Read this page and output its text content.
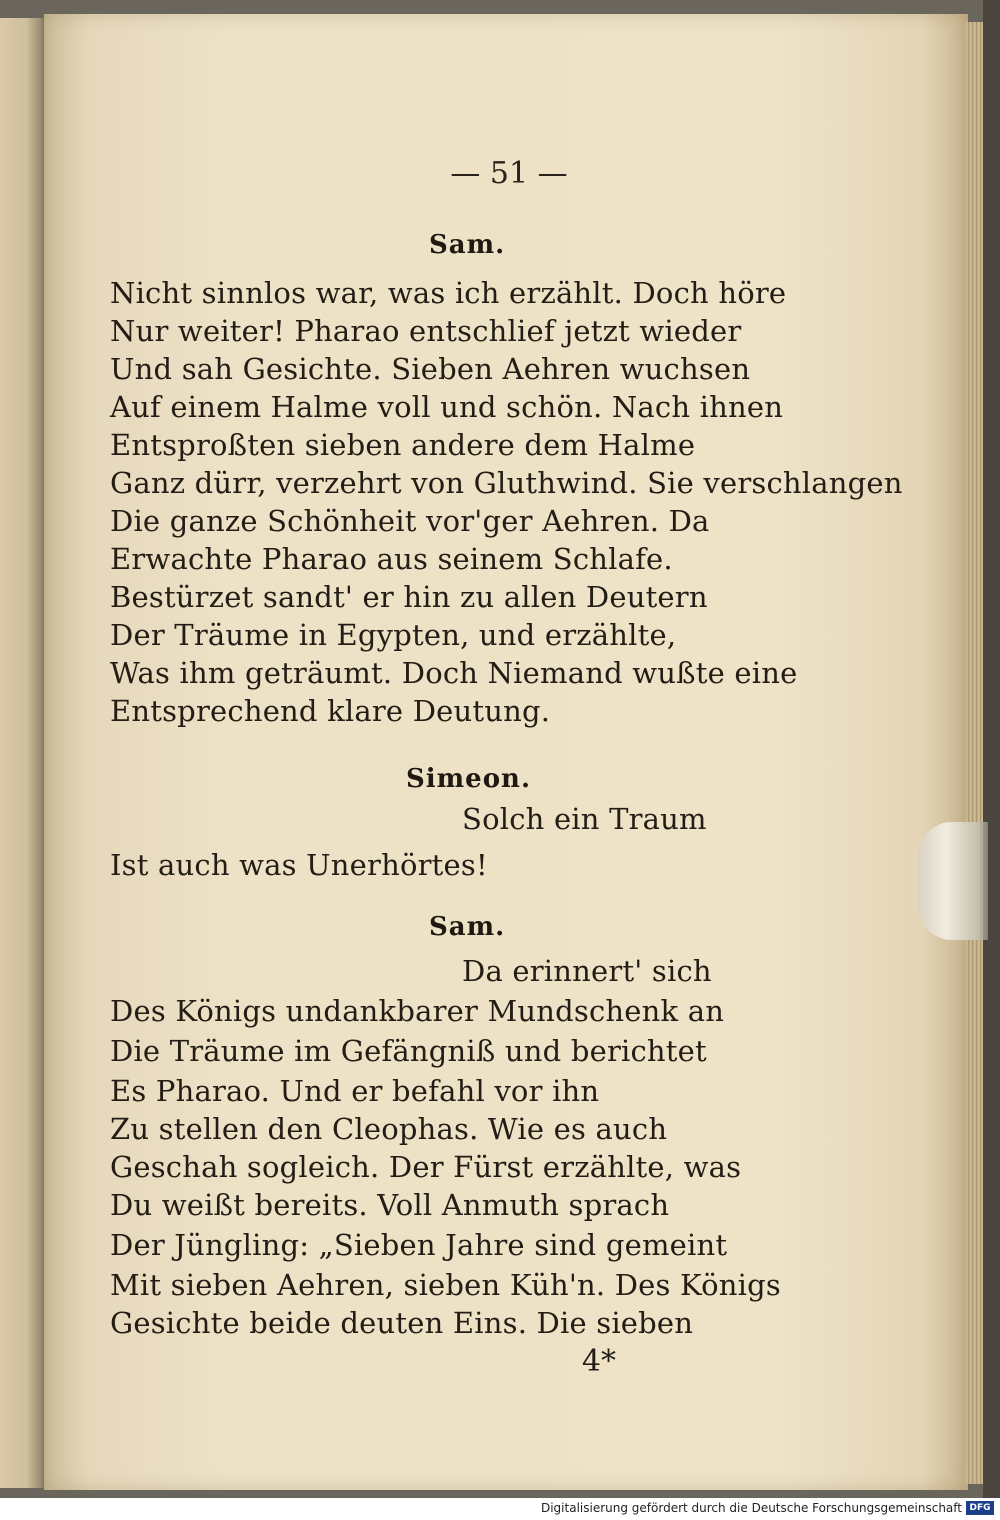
— 51 —
Sam.
Nicht sinnlos war, was ich erzählt. Doch höre
Nur weiter! Pharao entschlief jetzt wieder
Und sah Gesichte. Sieben Aehren wuchsen
Auf einem Halme voll und schön. Nach ihnen
Entsproßten sieben andere dem Halme
Ganz dürr, verzehrt von Gluthwind. Sie verschlangen
Die ganze Schönheit vor'ger Aehren. Da
Erwachte Pharao aus seinem Schlafe.
Bestürzet sandt' er hin zu allen Deutern
Der Träume in Egypten, und erzählte,
Was ihm geträumt. Doch Niemand wußte eine
Entsprechend klare Deutung.
Simeon.
Solch ein Traum
Ist auch was Unerhörtes!
Sam.
Da erinnert' sich
Des Königs undankbarer Mundschenk an
Die Träume im Gefängniß und berichtet
Es Pharao. Und er befahl vor ihn
Zu stellen den Cleophas. Wie es auch
Geschah sogleich. Der Fürst erzählte, was
Du weißt bereits. Voll Anmuth sprach
Der Jüngling: „Sieben Jahre sind gemeint
Mit sieben Aehren, sieben Küh'n. Des Königs
Gesichte beide deuten Eins. Die sieben
4*
Digitalisierung gefördert durch die Deutsche Forschungsgemeinschaft DFG
